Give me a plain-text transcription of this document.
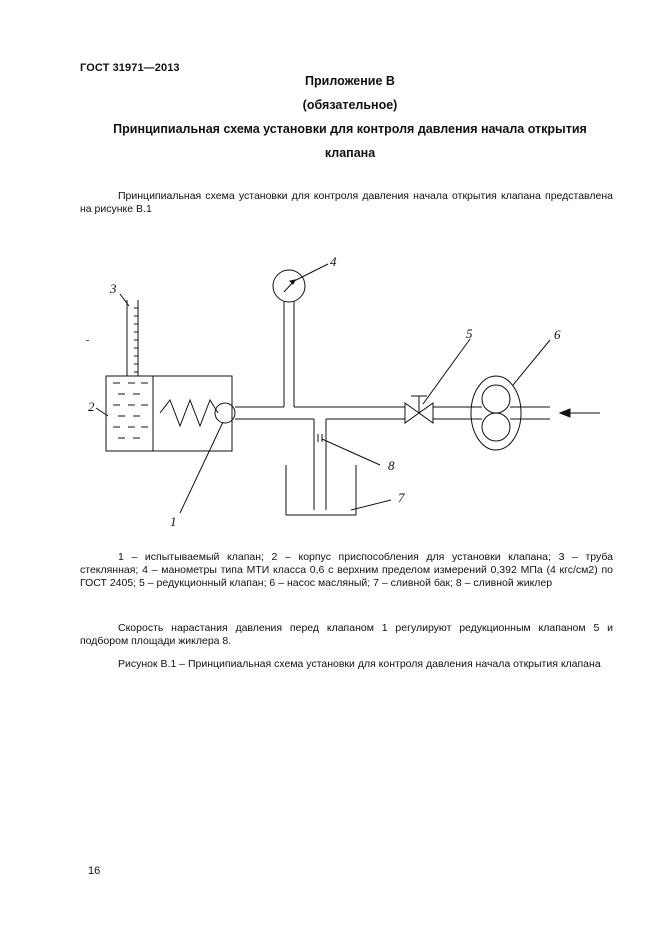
ГОСТ 31971—2013
Приложение В
(обязательное)
Принципиальная схема установки для контроля давления начала открытия
клапана
Принципиальная схема установки для контроля давления начала открытия клапана представлена на рисунке В.1
1
2
3
4
5	6
7
8
-
1 – испытываемый клапан; 2 – корпус приспособления для установки клапана; 3 – труба стеклянная; 4 – манометры типа МТИ класса 0,6 с верхним пределом измерений 0,392 МПа (4 кгс/см2) по ГОСТ 2405; 5 – редукционный клапан; 6 – насос масляный; 7 – сливной бак; 8 – сливной жиклер
Скорость нарастания давления перед клапаном 1 регулируют редукционным клапаном 5 и подбором площади жиклера 8.
Рисунок В.1 – Принципиальная схема установки для контроля давления начала открытия клапана
16
